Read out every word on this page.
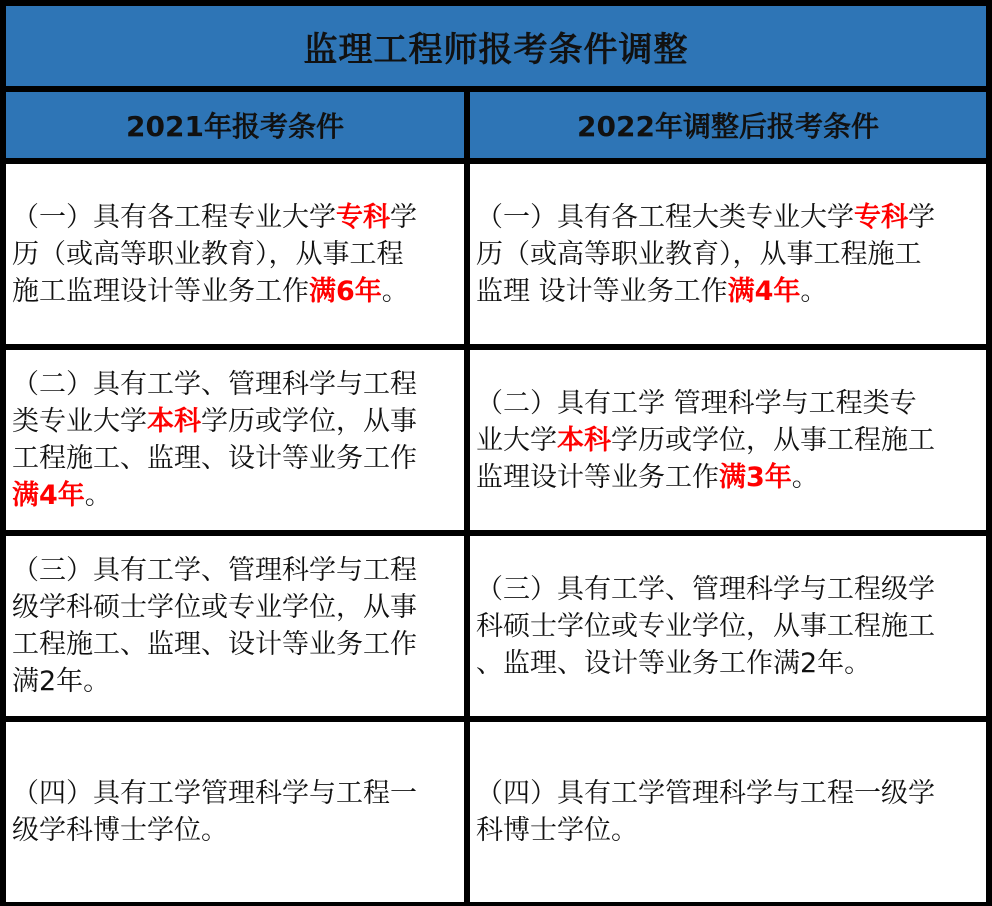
监理工程师报考条件调整
2021年报考条件	2022年调整后报考条件
（一）具有各工程专业大学专科学
历（或高等职业教育），从事工程
施工监理设计等业务工作满6年。
（一）具有各工程大类专业大学专科学
历（或高等职业教育），从事工程施工
监理 设计等业务工作满4年。
（二）具有工学、管理科学与工程
类专业大学本科学历或学位，从事
工程施工、监理、设计等业务工作
满4年。
（二）具有工学 管理科学与工程类专
业大学本科学历或学位，从事工程施工
监理设计等业务工作满3年。
（三）具有工学、管理科学与工程
级学科硕士学位或专业学位，从事
工程施工、监理、设计等业务工作
满2年。
（三）具有工学、管理科学与工程级学
科硕士学位或专业学位，从事工程施工
、监理、设计等业务工作满2年。
（四）具有工学管理科学与工程一
级学科博士学位。
（四）具有工学管理科学与工程一级学
科博士学位。
